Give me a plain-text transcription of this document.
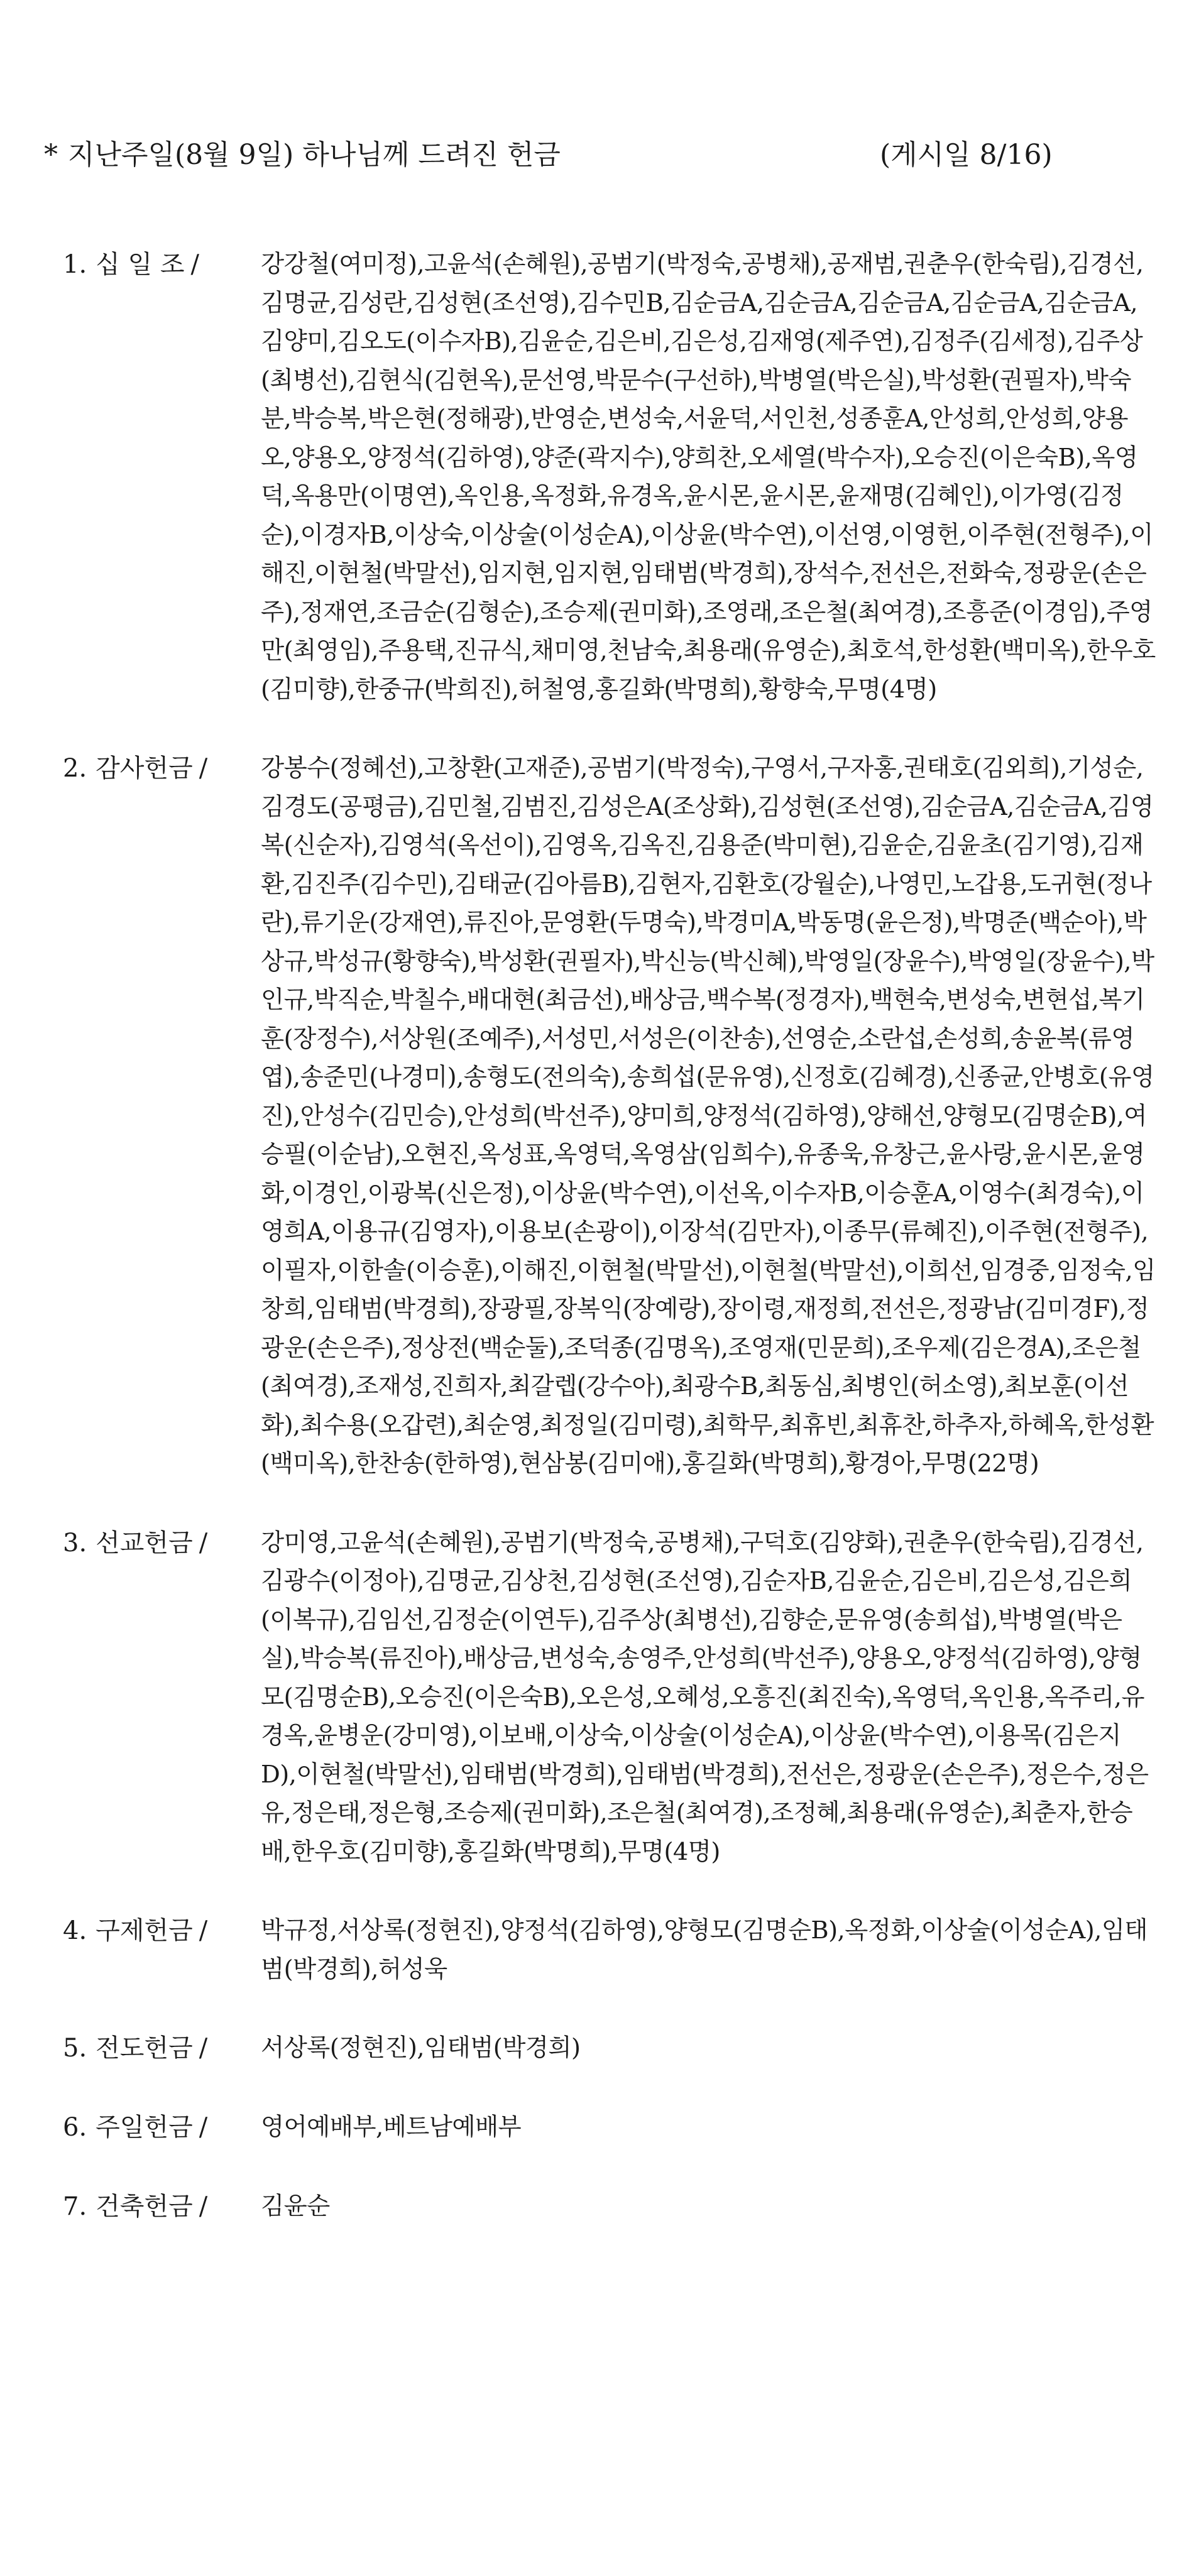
* 지난주일(8월 9일) 하나님께 드려진 헌금	(게시일 8/16)
1. 십 일 조 /	강강철(여미정),고윤석(손혜원),공범기(박정숙,공병채),공재범,권춘우(한숙림),김경선,김명균,김성란,김성현(조선영),김수민B,김순금A,김순금A,김순금A,김순금A,김순금A,김양미,김오도(이수자B),김윤순,김은비,김은성,김재영(제주연),김정주(김세정),김주상(최병선),김현식(김현옥),문선영,박문수(구선하),박병열(박은실),박성환(권필자),박숙분,박승복,박은현(정해광),반영순,변성숙,서윤덕,서인천,성종훈A,안성희,안성희,양용오,양용오,양정석(김하영),양준(곽지수),양희찬,오세열(박수자),오승진(이은숙B),옥영덕,옥용만(이명연),옥인용,옥정화,유경옥,윤시몬,윤시몬,윤재명(김혜인),이가영(김정순),이경자B,이상숙,이상술(이성순A),이상윤(박수연),이선영,이영헌,이주현(전형주),이해진,이현철(박말선),임지현,임지현,임태범(박경희),장석수,전선은,전화숙,정광운(손은주),정재연,조금순(김형순),조승제(권미화),조영래,조은철(최여경),조흥준(이경임),주영만(최영임),주용택,진규식,채미영,천남숙,최용래(유영순),최호석,한성환(백미옥),한우호(김미향),한중규(박희진),허철영,홍길화(박명희),황향숙,무명(4명)
2. 감사헌금 /	강봉수(정혜선),고창환(고재준),공범기(박정숙),구영서,구자홍,권태호(김외희),기성순,김경도(공평금),김민철,김범진,김성은A(조상화),김성현(조선영),김순금A,김순금A,김영복(신순자),김영석(옥선이),김영옥,김옥진,김용준(박미현),김윤순,김윤초(김기영),김재환,김진주(김수민),김태균(김아름B),김현자,김환호(강월순),나영민,노갑용,도귀현(정나란),류기운(강재연),류진아,문영환(두명숙),박경미A,박동명(윤은정),박명준(백순아),박상규,박성규(황향숙),박성환(권필자),박신능(박신혜),박영일(장윤수),박영일(장윤수),박인규,박직순,박칠수,배대현(최금선),배상금,백수복(정경자),백현숙,변성숙,변현섭,복기훈(장정수),서상원(조예주),서성민,서성은(이찬송),선영순,소란섭,손성희,송윤복(류영엽),송준민(나경미),송형도(전의숙),송희섭(문유영),신정호(김혜경),신종균,안병호(유영진),안성수(김민승),안성희(박선주),양미희,양정석(김하영),양해선,양형모(김명순B),여승필(이순남),오현진,옥성표,옥영덕,옥영삼(임희수),유종욱,유창근,윤사랑,윤시몬,윤영화,이경인,이광복(신은정),이상윤(박수연),이선옥,이수자B,이승훈A,이영수(최경숙),이영희A,이용규(김영자),이용보(손광이),이장석(김만자),이종무(류혜진),이주현(전형주),이필자,이한솔(이승훈),이해진,이현철(박말선),이현철(박말선),이희선,임경중,임정숙,임창희,임태범(박경희),장광필,장복익(장예랑),장이령,재정희,전선은,정광남(김미경F),정광운(손은주),정상전(백순둘),조덕종(김명옥),조영재(민문희),조우제(김은경A),조은철(최여경),조재성,진희자,최갈렙(강수아),최광수B,최동심,최병인(허소영),최보훈(이선화),최수용(오갑련),최순영,최정일(김미령),최학무,최휴빈,최휴찬,하추자,하혜옥,한성환(백미옥),한찬송(한하영),현삼봉(김미애),홍길화(박명희),황경아,무명(22명)
3. 선교헌금 /	강미영,고윤석(손혜원),공범기(박정숙,공병채),구덕호(김양화),권춘우(한숙림),김경선,김광수(이정아),김명균,김상천,김성현(조선영),김순자B,김윤순,김은비,김은성,김은희(이복규),김임선,김정순(이연두),김주상(최병선),김향순,문유영(송희섭),박병열(박은실),박승복(류진아),배상금,변성숙,송영주,안성희(박선주),양용오,양정석(김하영),양형모(김명순B),오승진(이은숙B),오은성,오혜성,오흥진(최진숙),옥영덕,옥인용,옥주리,유경옥,윤병운(강미영),이보배,이상숙,이상술(이성순A),이상윤(박수연),이용목(김은지D),이현철(박말선),임태범(박경희),임태범(박경희),전선은,정광운(손은주),정은수,정은유,정은태,정은형,조승제(권미화),조은철(최여경),조정혜,최용래(유영순),최춘자,한승배,한우호(김미향),홍길화(박명희),무명(4명)
4. 구제헌금 /	박규정,서상록(정현진),양정석(김하영),양형모(김명순B),옥정화,이상술(이성순A),임태범(박경희),허성욱
5. 전도헌금 /	서상록(정현진),임태범(박경희)
6. 주일헌금 /	영어예배부,베트남예배부
7. 건축헌금 /	김윤순
